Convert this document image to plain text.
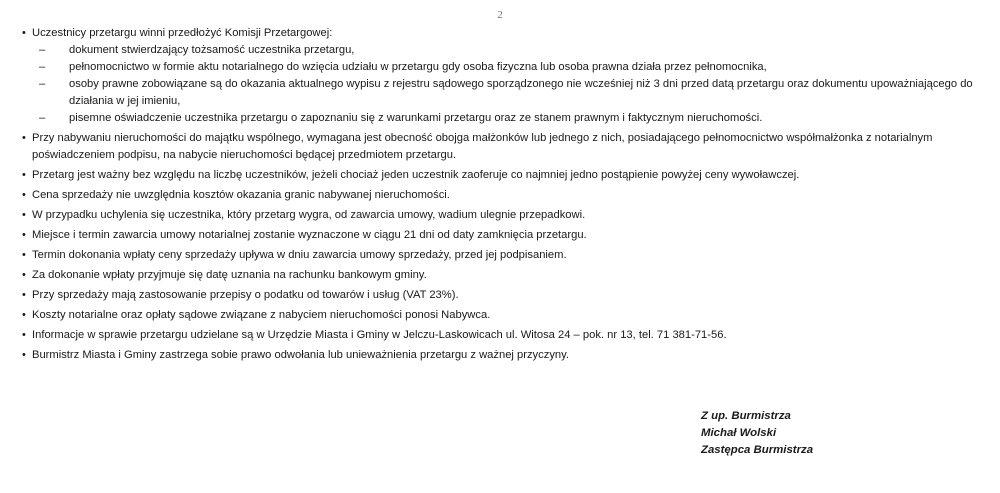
2
• Uczestnicy przetargu winni przedłożyć Komisji Przetargowej:
– dokument stwierdzający tożsamość uczestnika przetargu,
– pełnomocnictwo w formie aktu notarialnego do wzięcia udziału w przetargu gdy osoba fizyczna lub osoba prawna działa przez pełnomocnika,
– osoby prawne zobowiązane są do okazania aktualnego wypisu z rejestru sądowego sporządzonego nie wcześniej niż 3 dni przed datą przetargu oraz dokumentu upoważniającego do działania w jej imieniu,
– pisemne oświadczenie uczestnika przetargu o zapoznaniu się z warunkami przetargu oraz ze stanem prawnym i faktycznym nieruchomości.
• Przy nabywaniu nieruchomości do majątku wspólnego, wymagana jest obecność obojga małżonków lub jednego z nich, posiadającego pełnomocnictwo współmałżonka z notarialnym poświadczeniem podpisu, na nabycie nieruchomości będącej przedmiotem przetargu.
• Przetarg jest ważny bez względu na liczbę uczestników, jeżeli chociaż jeden uczestnik zaoferuje co najmniej jedno postąpienie powyżej ceny wywoławczej.
• Cena sprzedaży nie uwzględnia kosztów okazania granic nabywanej nieruchomości.
• W przypadku uchylenia się uczestnika, który przetarg wygra, od zawarcia umowy, wadium ulegnie przepadkowi.
• Miejsce i termin zawarcia umowy notarialnej zostanie wyznaczone w ciągu 21 dni od daty zamknięcia przetargu.
• Termin dokonania wpłaty ceny sprzedaży upływa w dniu zawarcia umowy sprzedaży, przed jej podpisaniem.
• Za dokonanie wpłaty przyjmuje się datę uznania na rachunku bankowym gminy.
• Przy sprzedaży mają zastosowanie przepisy o podatku od towarów i usług (VAT 23%).
• Koszty notarialne oraz opłaty sądowe związane z nabyciem nieruchomości ponosi Nabywca.
• Informacje w sprawie przetargu udzielane są w Urzędzie Miasta i Gminy w Jelczu-Laskowicach ul. Witosa 24 – pok. nr 13, tel. 71 381-71-56.
• Burmistrz Miasta i Gminy zastrzega sobie prawo odwołania lub unieważnienia przetargu z ważnej przyczyny.
Z up. Burmistrza
Michał Wolski
Zastępca Burmistrza
